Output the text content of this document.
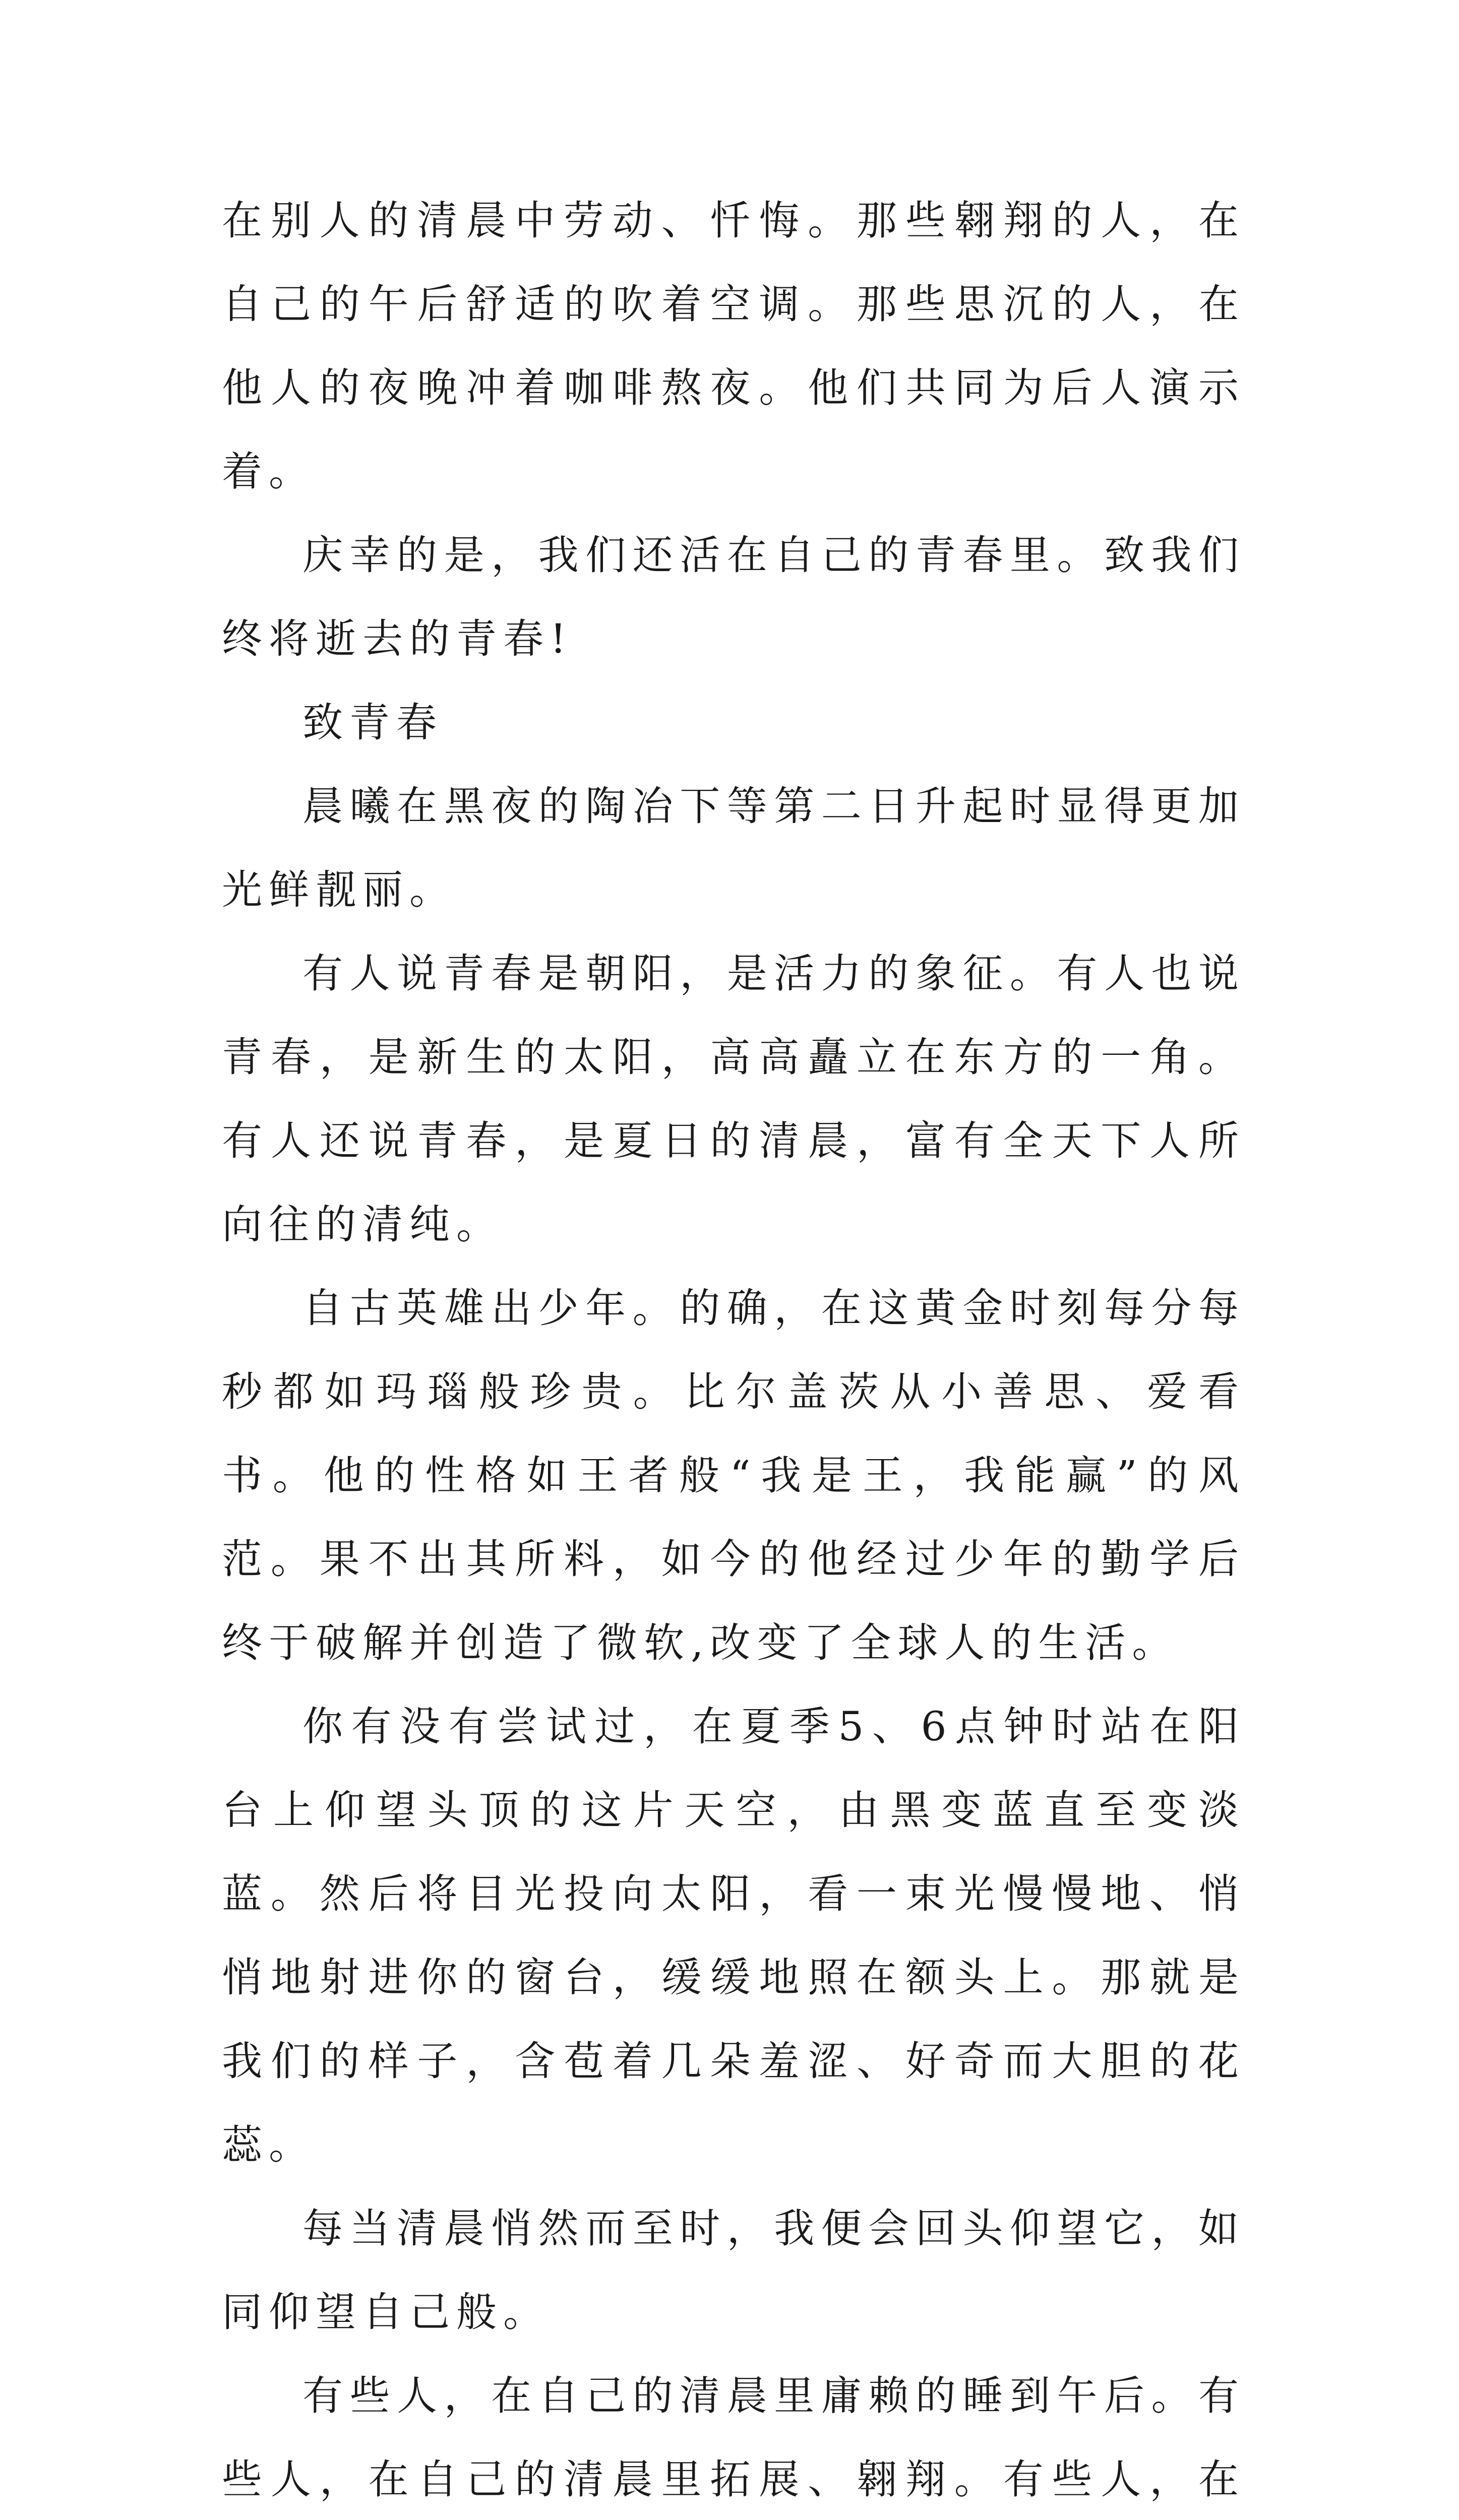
在别人的清晨中劳动、忏悔。那些翱翔的人，在自己的午后舒适的吹着空调。那些思沉的人，在他人的夜晚冲着咖啡熬夜。他们共同为后人演示着。

庆幸的是，我们还活在自己的青春里。致我们终将逝去的青春!

致青春

晨曦在黑夜的陶冶下等第二日升起时显得更加光鲜靓丽。

有人说青春是朝阳，是活力的象征。有人也说青春，是新生的太阳，高高矗立在东方的一角。有人还说青春，是夏日的清晨，富有全天下人所向往的清纯。

自古英雄出少年。的确，在这黄金时刻每分每秒都如玛瑙般珍贵。比尔盖茨从小善思、爱看书。他的性格如王者般“我是王，我能赢”的风范。果不出其所料，如今的他经过少年的勤学后终于破解并创造了微软,改变了全球人的生活。

你有没有尝试过，在夏季5、6点钟时站在阳台上仰望头顶的这片天空，由黑变蓝直至变淡蓝。然后将目光投向太阳，看一束光慢慢地、悄悄地射进你的窗台，缓缓地照在额头上。那就是我们的样子，含苞着几朵羞涩、好奇而大胆的花蕊。

每当清晨悄然而至时，我便会回头仰望它，如同仰望自己般。

有些人，在自己的清晨里庸赖的睡到午后。有些人，在自己的清晨里拓展、翱翔。有些人，在
